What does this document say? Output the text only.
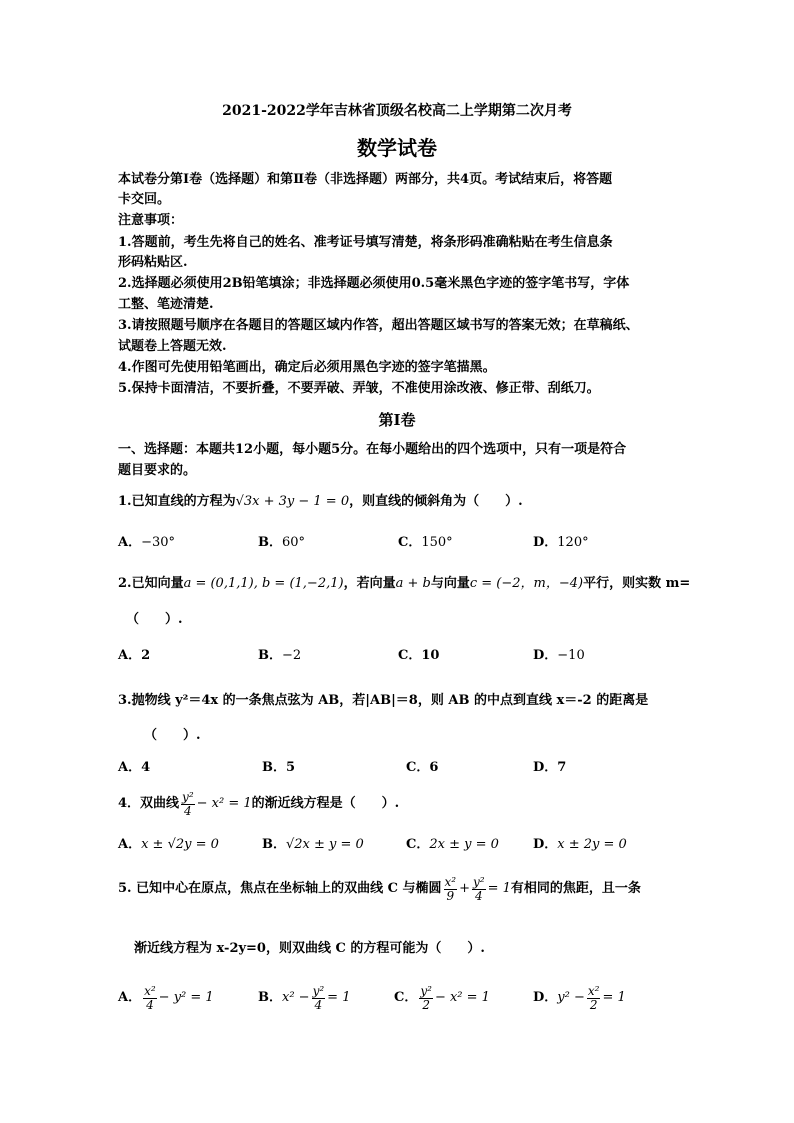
2021-2022学年吉林省顶级名校高二上学期第二次月考
数学试卷
本试卷分第Ⅰ卷（选择题）和第Ⅱ卷（非选择题）两部分，共4页。考试结束后，将答题
卡交回。
注意事项：
1.答题前，考生先将自己的姓名、准考证号填写清楚，将条形码准确粘贴在考生信息条
形码粘贴区.
2.选择题必须使用2B铅笔填涂；非选择题必须使用0.5毫米黑色字迹的签字笔书写，字体
工整、笔迹清楚.
3.请按照题号顺序在各题目的答题区域内作答，超出答题区域书写的答案无效；在草稿纸、
试题卷上答题无效.
4.作图可先使用铅笔画出，确定后必须用黑色字迹的签字笔描黑。
5.保持卡面清洁，不要折叠，不要弄破、弄皱，不准使用涂改液、修正带、刮纸刀。
第Ⅰ卷
一、选择题：本题共12小题，每小题5分。在每小题给出的四个选项中，只有一项是符合
题目要求的。
1.已知直线的方程为√3x + 3y − 1 = 0，则直线的倾斜角为（　　）.
A．−30°	B．60°	C．150°	D．120°
2.已知向量a = (0,1,1), b = (1,−2,1)，若向量a + b与向量c = (−2，m，−4)平行，则实数 m=
（　　）.
A．2	B．−2	C．10	D．−10
3.抛物线 y²＝4x 的一条焦点弦为 AB，若|AB|＝8，则 AB 的中点到直线 x＝-2 的距离是
（　　）.
A．4	B．5	C．6	D．7
4．双曲线 $\frac{\text{y²}}{4} - x^2 = 1$ 的渐近线方程是（　　）.
A．x ± √2y = 0	B．√2x ± y = 0	C．2x ± y = 0	D．x ± 2y = 0
5. 已知中心在原点，焦点在坐标轴上的双曲线 C 与椭圆 $\frac{\text{x²}}{9} + \frac{\text{y²}}{4} = 1$ 有相同的焦距，且一条
渐近线方程为 x-2y=0，则双曲线 C 的方程可能为（　　）.
A． $\frac{\text{x²}}{4} - y^2 = 1$	B． $x^2 - \frac{\text{y²}}{4} = 1$	C． $\frac{\text{y²}}{2} - x^2 = 1$	D． $y^2 - \frac{\text{x²}}{2} = 1$
